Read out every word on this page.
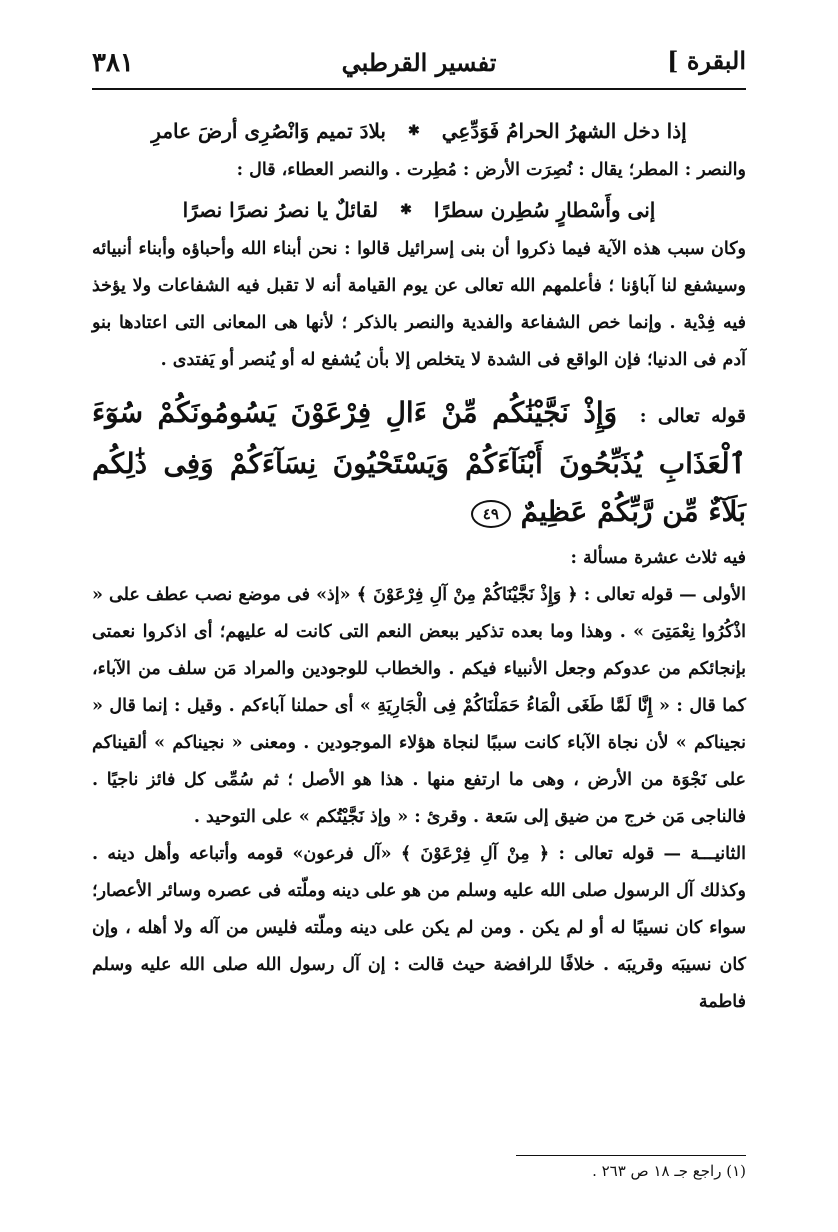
البقرة ]
تفسير القرطبي
٣٨١
إذا دخل الشهرُ الحرامُ فَوَدِّعِي
✱
بلادَ تميم وَانْصُرِى أرضَ عامرِ

والنصر : المطر؛ يقال : نُصِرَت الأرض : مُطِرت . والنصر العطاء، قال :

إنى وأَسْطارٍ سُطِرن سطرًا
✱
لقائلٌ يا نصرُ نصرًا نصرًا

وكان سبب هذه الآية فيما ذكروا أن بنى إسرائيل قالوا : نحن أبناء الله وأحباؤه وأبناء أنبيائه وسيشفع لنا آباؤنا ؛ فأعلمهم الله تعالى عن يوم القيامة أنه لا تقبل فيه الشفاعات ولا يؤخذ فيه فِدْية . وإنما خص الشفاعة والفدية والنصر بالذكر ؛ لأنها هى المعانى التى اعتادها بنو آدم فى الدنيا؛ فإن الواقع فى الشدة لا يتخلص إلا بأن يُشفع له أو يُنصر أو يَفتدى .

قوله تعالى : وَإِذْ نَجَّيْنَٰكُم مِّنْ ءَالِ فِرْعَوْنَ يَسُومُونَكُمْ سُوٓءَ ٱلْعَذَابِ يُذَبِّحُونَ أَبْنَآءَكُمْ وَيَسْتَحْيُونَ نِسَآءَكُمْ وَفِى ذَٰلِكُم بَلَآءٌ مِّن رَّبِّكُمْ عَظِيمٌ ٤٩

فيه ثلاث عشرة مسألة :

الأولى — قوله تعالى : ﴿ وَإِذْ نَجَّيْنَاكُمْ مِنْ آلِ فِرْعَوْنَ ﴾ «إذ» فى موضع نصب عطف على « اذْكُرُوا نِعْمَتِىَ » . وهذا وما بعده تذكير ببعض النعم التى كانت له عليهم؛ أى اذكروا نعمتى بإنجائكم من عدوكم وجعل الأنبياء فيكم . والخطاب للوجودين والمراد مَن سلف من الآباء، كما قال : « إِنَّا لَمَّا طَغَى الْمَاءُ حَمَلْنَاكُمْ فِى الْجَارِيَةِ » أى حملنا آباءكم . وقيل : إنما قال « نجيناكم » لأن نجاة الآباء كانت سببًا لنجاة هؤلاء الموجودين . ومعنى « نجيناكم » ألقيناكم على نَجْوَة من الأرض ، وهى ما ارتفع منها . هذا هو الأصل ؛ ثم سُمِّى كل فائز ناجيًا . فالناجى مَن خرج من ضيق إلى سَعة . وقرئ : « وإذ نَجَّيْتُكم » على التوحيد .

الثانيـــة — قوله تعالى : ﴿ مِنْ آلِ فِرْعَوْنَ ﴾ «آل فرعون» قومه وأتباعه وأهل دينه . وكذلك آل الرسول صلى الله عليه وسلم من هو على دينه وملّته فى عصره وسائر الأعصار؛ سواء كان نسيبًا له أو لم يكن . ومن لم يكن على دينه وملّته فليس من آله ولا أهله ، وإن كان نسيبَه وقريبَه . خلافًا للرافضة حيث قالت : إن آل رسول الله صلى الله عليه وسلم فاطمة

(١) راجع جـ ١٨ ص ٢٦٣ .
